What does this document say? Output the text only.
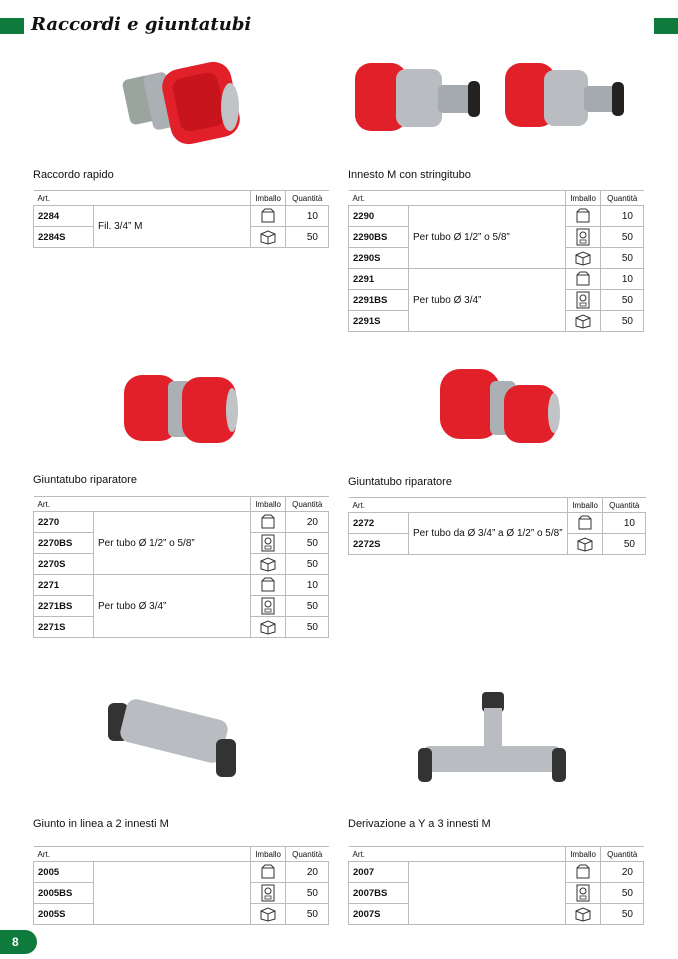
Raccordi e giuntatubi
Raccordo rapido	Innesto M con stringitubo
Giuntatubo riparatore	Giuntatubo riparatore
Giunto in linea a 2 innesti M	Derivazione a Y a 3 innesti M
Art.		Imballo	Quantità
2284	Fil. 3/4” M		10
2284S			50
Art.		Imballo	Quantità
2290	Per tubo Ø 1/2” o 5/8”		10
2290BS			50
2290S			50
2291	Per tubo Ø 3/4”		10
2291BS			50
2291S			50
Art.		Imballo	Quantità
2270	Per tubo Ø 1/2” o 5/8”		20
2270BS			50
2270S			50
2271	Per tubo Ø 3/4”		10
2271BS			50
2271S			50
Art.		Imballo	Quantità
2272	Per tubo da Ø 3/4” a Ø 1/2” o 5/8”		10
2272S			50
Art.		Imballo	Quantità
2005			20
2005BS			50
2005S			50
Art.		Imballo	Quantità
2007			20
2007BS			50
2007S			50
8
